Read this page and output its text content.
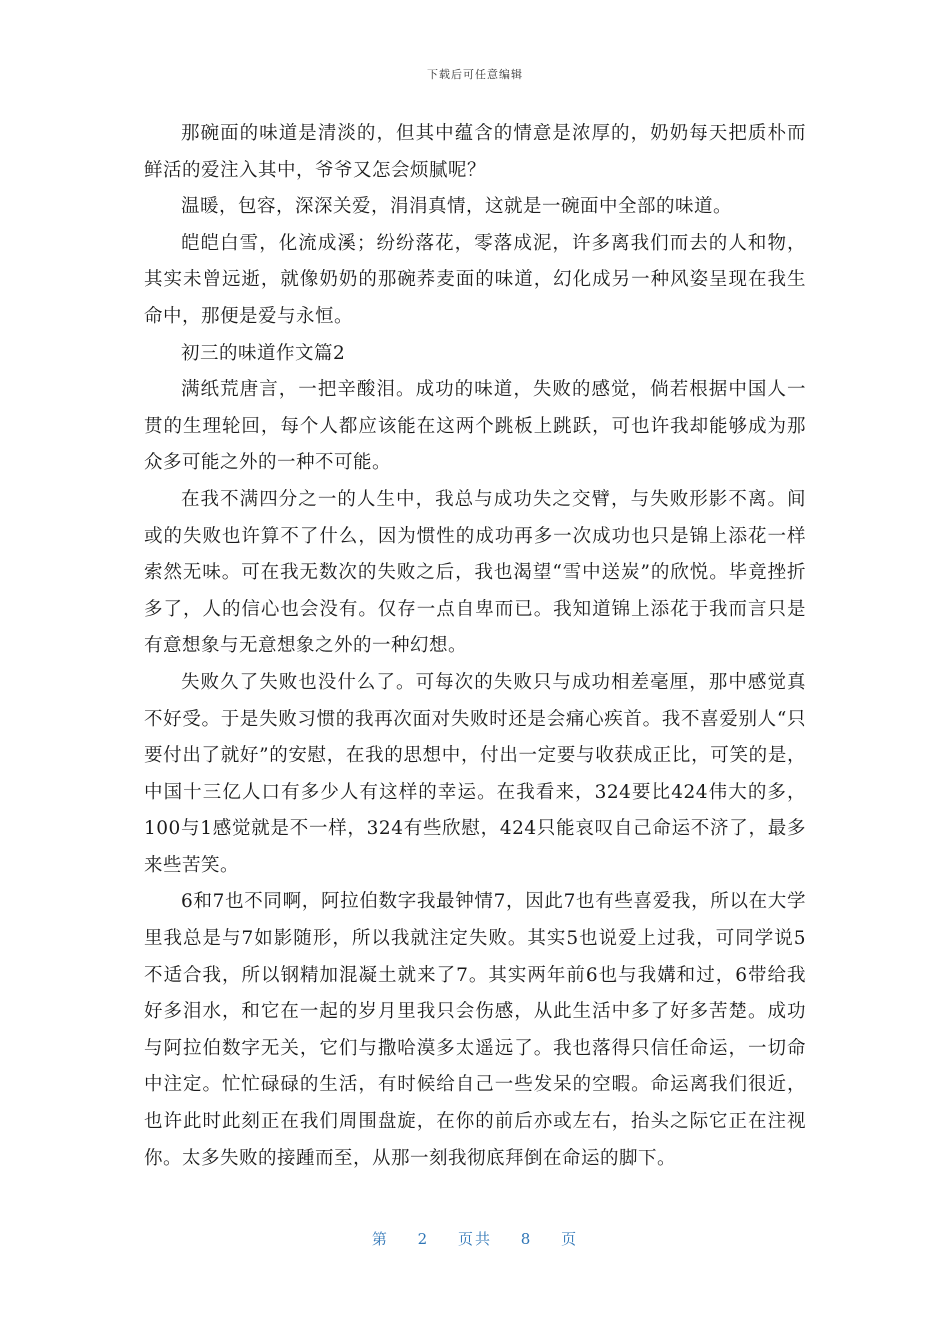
下载后可任意编辑

那碗面的味道是清淡的，但其中蕴含的情意是浓厚的，奶奶每天把质朴而鲜活的爱注入其中，爷爷又怎会烦腻呢？

温暖，包容，深深关爱，涓涓真情，这就是一碗面中全部的味道。

皑皑白雪，化流成溪；纷纷落花，零落成泥，许多离我们而去的人和物，其实未曾远逝，就像奶奶的那碗荞麦面的味道，幻化成另一种风姿呈现在我生命中，那便是爱与永恒。

初三的味道作文篇2

满纸荒唐言，一把辛酸泪。成功的味道，失败的感觉，倘若根据中国人一贯的生理轮回，每个人都应该能在这两个跳板上跳跃，可也许我却能够成为那众多可能之外的一种不可能。

在我不满四分之一的人生中，我总与成功失之交臂，与失败形影不离。间或的失败也许算不了什么，因为惯性的成功再多一次成功也只是锦上添花一样索然无味。可在我无数次的失败之后，我也渴望“雪中送炭”的欣悦。毕竟挫折多了，人的信心也会没有。仅存一点自卑而已。我知道锦上添花于我而言只是有意想象与无意想象之外的一种幻想。

失败久了失败也没什么了。可每次的失败只与成功相差毫厘，那中感觉真不好受。于是失败习惯的我再次面对失败时还是会痛心疾首。我不喜爱别人“只要付出了就好”的安慰，在我的思想中，付出一定要与收获成正比，可笑的是，中国十三亿人口有多少人有这样的幸运。在我看来，324要比424伟大的多，100与1感觉就是不一样，324有些欣慰，424只能哀叹自己命运不济了，最多来些苦笑。

6和7也不同啊，阿拉伯数字我最钟情7，因此7也有些喜爱我，所以在大学里我总是与7如影随形，所以我就注定失败。其实5也说爱上过我，可同学说5不适合我，所以钢精加混凝土就来了7。其实两年前6也与我媾和过，6带给我好多泪水，和它在一起的岁月里我只会伤感，从此生活中多了好多苦楚。成功与阿拉伯数字无关，它们与撒哈漠多太遥远了。我也落得只信任命运，一切命中注定。忙忙碌碌的生活，有时候给自己一些发呆的空暇。命运离我们很近，也许此时此刻正在我们周围盘旋，在你的前后亦或左右，抬头之际它正在注视你。太多失败的接踵而至，从那一刻我彻底拜倒在命运的脚下。

第 2 页共 8 页
